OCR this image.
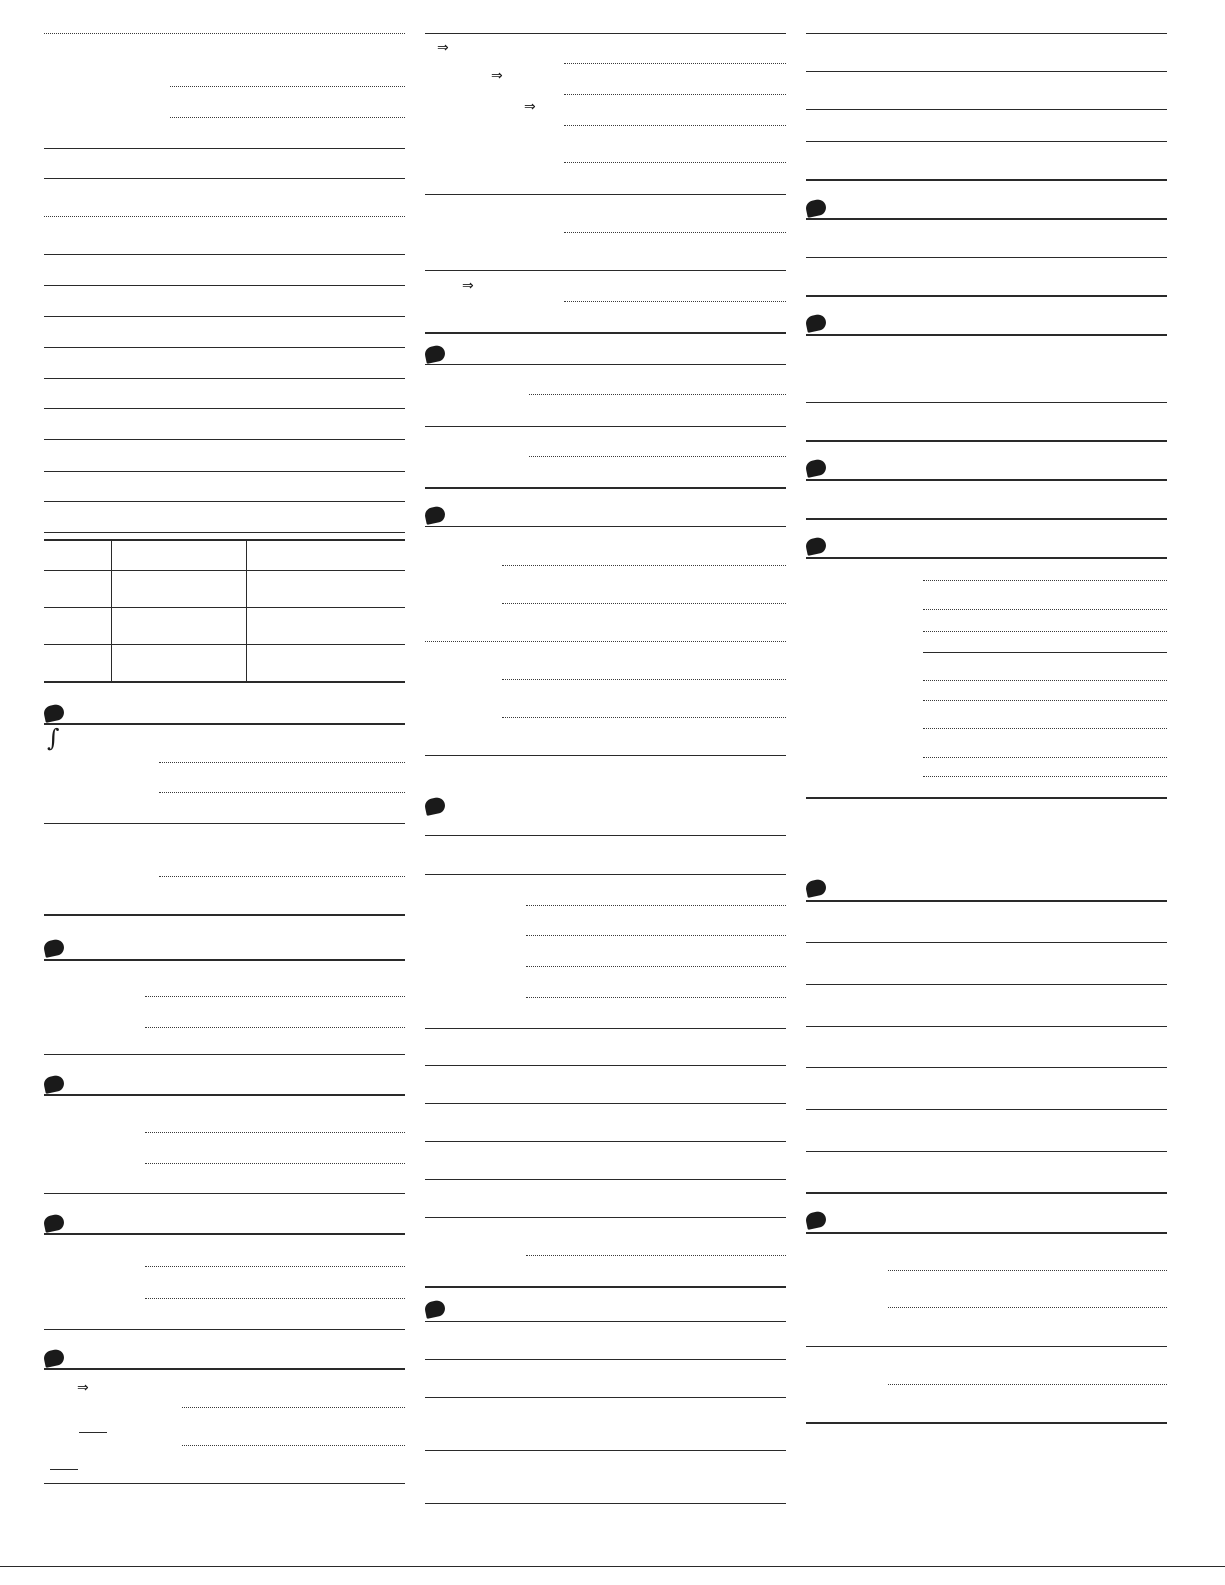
∫
⇒
⇒
⇒
⇒
⇒
